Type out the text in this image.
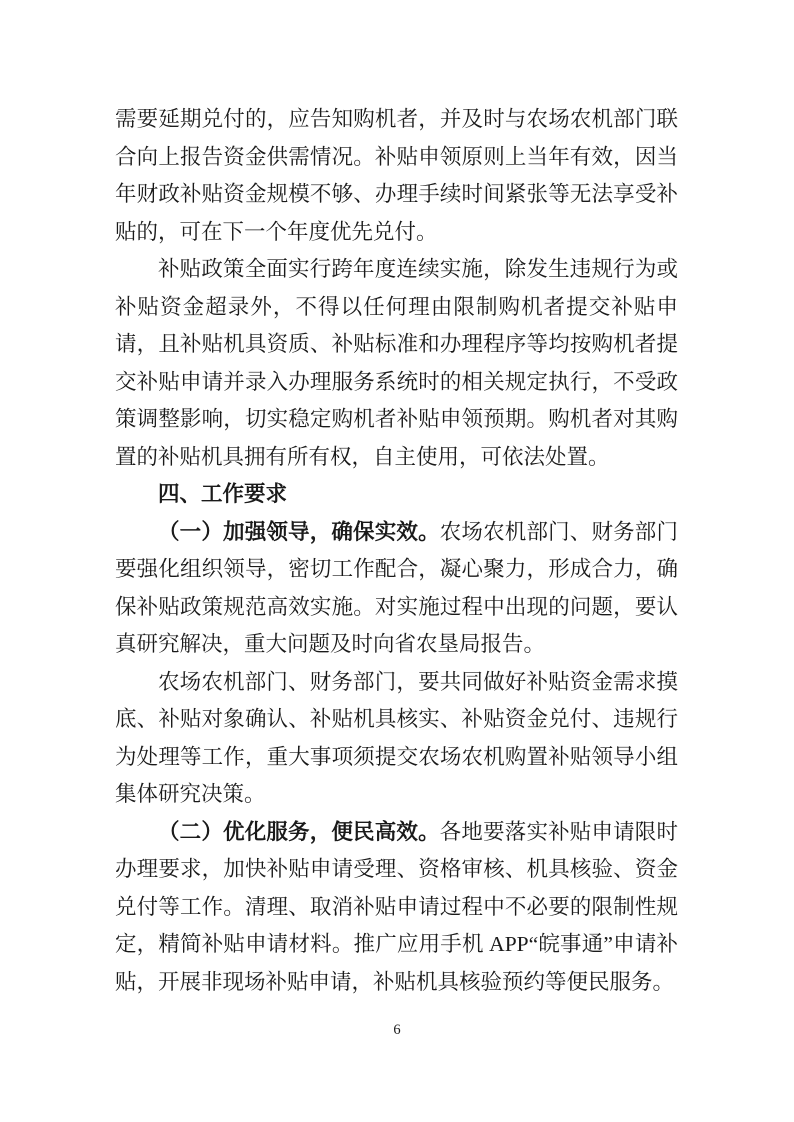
需要延期兑付的，应告知购机者，并及时与农场农机部门联合向上报告资金供需情况。补贴申领原则上当年有效，因当年财政补贴资金规模不够、办理手续时间紧张等无法享受补贴的，可在下一个年度优先兑付。

补贴政策全面实行跨年度连续实施，除发生违规行为或补贴资金超录外，不得以任何理由限制购机者提交补贴申请，且补贴机具资质、补贴标准和办理程序等均按购机者提交补贴申请并录入办理服务系统时的相关规定执行，不受政策调整影响，切实稳定购机者补贴申领预期。购机者对其购置的补贴机具拥有所有权，自主使用，可依法处置。

四、工作要求

（一）加强领导，确保实效。农场农机部门、财务部门要强化组织领导，密切工作配合，凝心聚力，形成合力，确保补贴政策规范高效实施。对实施过程中出现的问题，要认真研究解决，重大问题及时向省农垦局报告。

农场农机部门、财务部门，要共同做好补贴资金需求摸底、补贴对象确认、补贴机具核实、补贴资金兑付、违规行为处理等工作，重大事项须提交农场农机购置补贴领导小组集体研究决策。

（二）优化服务，便民高效。各地要落实补贴申请限时办理要求，加快补贴申请受理、资格审核、机具核验、资金兑付等工作。清理、取消补贴申请过程中不必要的限制性规定，精简补贴申请材料。推广应用手机 APP“皖事通”申请补贴，开展非现场补贴申请，补贴机具核验预约等便民服务。

6
